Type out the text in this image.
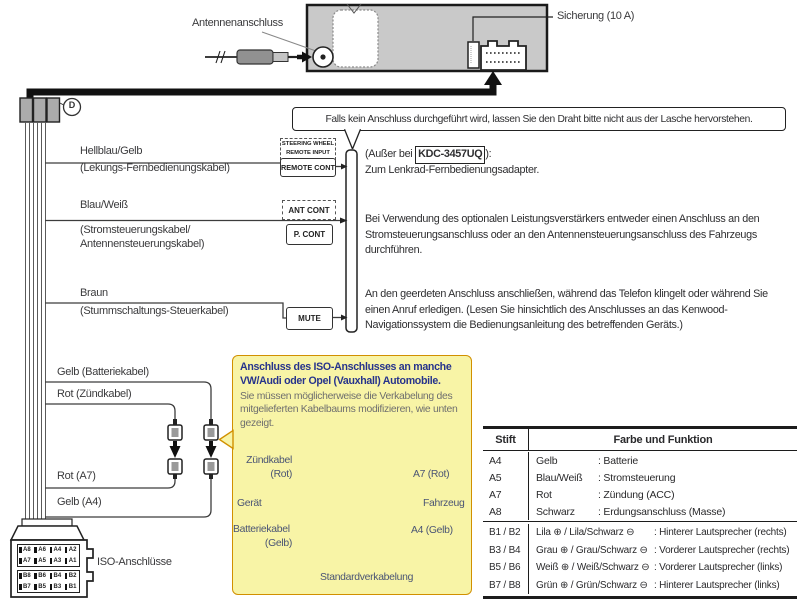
Antennenanschluss
Sicherung (10 A)
D
Falls kein Anschluss durchgeführt wird, lassen Sie den Draht bitte nicht aus der Lasche hervorstehen.
Hellblau/Gelb
(Lekungs-Fernbedienungskabel)
Blau/Weiß
(Stromsteuerungskabel/
Antennensteuerungskabel)
Braun
(Stummschaltungs-Steuerkabel)
Gelb (Batteriekabel)
Rot (Zündkabel)
Rot (A7)
Gelb (A4)
ISO-Anschlüsse
STEERING WHEEL
REMOTE INPUT
REMOTE CONT
ANT CONT
P. CONT
MUTE
(Außer bei KDC-3457UQ ):
Zum Lenkrad-Fernbedienungsadapter.
Bei Verwendung des optionalen Leistungsverstärkers entweder einen Anschluss an den Stromsteuerungsanschluss oder an den Antennensteuerungsanschluss des Fahrzeugs durchführen.
An den geerdeten Anschluss anschließen, während das Telefon klingelt oder während Sie einen Anruf erledigen. (Lesen Sie hinsichtlich des Anschlusses an das Kenwood-Navigationssystem die Bedienungsanleitung des betreffenden Geräts.)
Anschluss des ISO-Anschlusses an manche VW/Audi oder Opel (Vauxhall) Automobile.
Sie müssen möglicherweise die Verkabelung des mitgelieferten Kabelbaums modifizieren, wie unten gezeigt.
Zündkabel
(Rot)
Gerät
Batteriekabel
(Gelb)
A7 (Rot)
Fahrzeug
A4 (Gelb)
Standardverkabelung
A8	A6	A4	A2
A7	A5	A3	A1
B8	B6	B4	B2
B7	B5	B3	B1
Stift	Farbe und Funktion
A4	Gelb	: Batterie
A5	Blau/Weiß	: Stromsteuerung
A7	Rot	: Zündung (ACC)
A8	Schwarz	: Erdungsanschluss (Masse)
B1 / B2	Lila ⊕ / Lila/Schwarz ⊖	: Hinterer Lautsprecher (rechts)
B3 / B4	Grau ⊕ / Grau/Schwarz ⊖ : Vorderer Lautsprecher (rechts)
B5 / B6	Weiß ⊕ / Weiß/Schwarz ⊖ : Vorderer Lautsprecher (links)
B7 / B8	Grün ⊕ / Grün/Schwarz ⊖ : Hinterer Lautsprecher (links)
